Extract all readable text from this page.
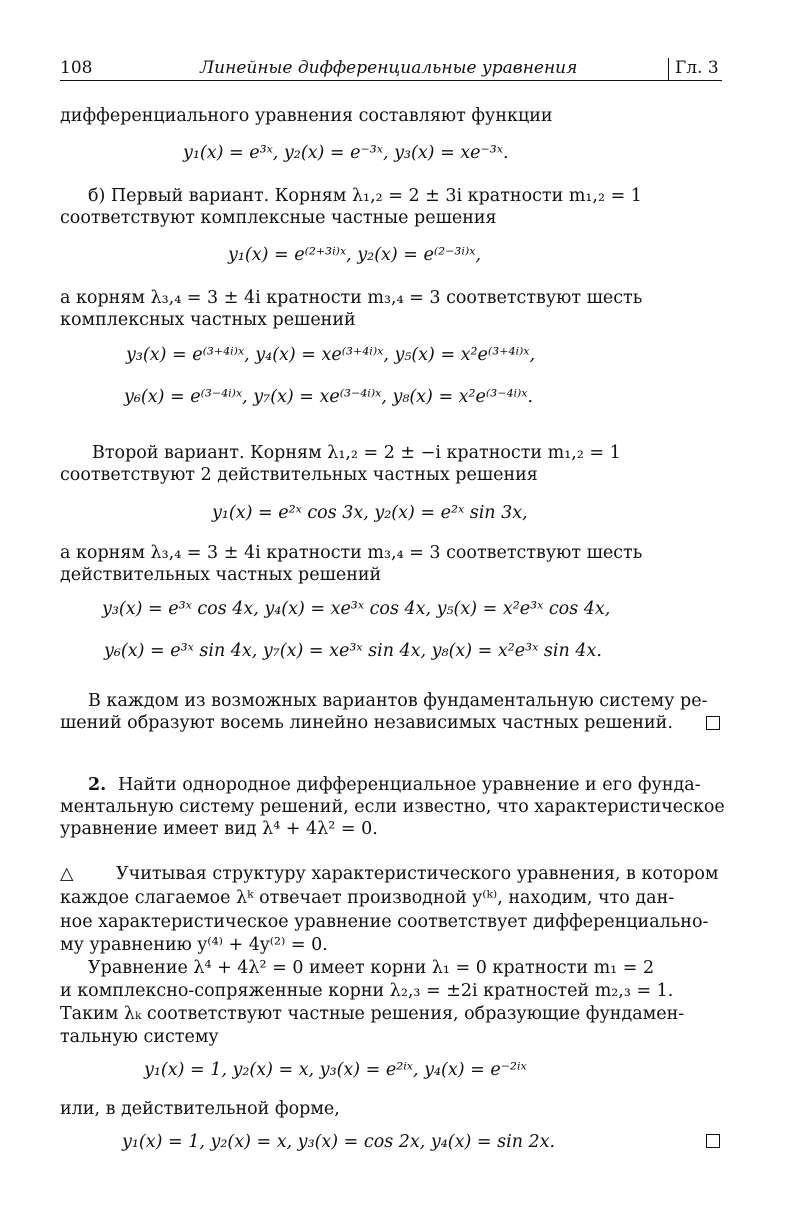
108	Линейные дифференциальные уравнения	Гл. 3
дифференциального уравнения составляют функции
y₁(x) = e³ˣ, y₂(x) = e⁻³ˣ, y₃(x) = xe⁻³ˣ.
б) Первый вариант. Корням λ₁,₂ = 2 ± 3i кратности m₁,₂ = 1
соответствуют комплексные частные решения
y₁(x) = e⁽²⁺³ⁱ⁾ˣ, y₂(x) = e⁽²⁻³ⁱ⁾ˣ,
а корням λ₃,₄ = 3 ± 4i кратности m₃,₄ = 3 соответствуют шесть
комплексных частных решений
y₃(x) = e⁽³⁺⁴ⁱ⁾ˣ, y₄(x) = xe⁽³⁺⁴ⁱ⁾ˣ, y₅(x) = x²e⁽³⁺⁴ⁱ⁾ˣ,
y₆(x) = e⁽³⁻⁴ⁱ⁾ˣ, y₇(x) = xe⁽³⁻⁴ⁱ⁾ˣ, y₈(x) = x²e⁽³⁻⁴ⁱ⁾ˣ.
Второй вариант. Корням λ₁,₂ = 2 ± −i кратности m₁,₂ = 1
соответствуют 2 действительных частных решения
y₁(x) = e²ˣ cos 3x, y₂(x) = e²ˣ sin 3x,
а корням λ₃,₄ = 3 ± 4i кратности m₃,₄ = 3 соответствуют шесть
действительных частных решений
y₃(x) = e³ˣ cos 4x, y₄(x) = xe³ˣ cos 4x, y₅(x) = x²e³ˣ cos 4x,
y₆(x) = e³ˣ sin 4x, y₇(x) = xe³ˣ sin 4x, y₈(x) = x²e³ˣ sin 4x.
В каждом из возможных вариантов фундаментальную систему ре-
шений образуют восемь линейно независимых частных решений.
2. Найти однородное дифференциальное уравнение и его фунда-
ментальную систему решений, если известно, что характеристическое
уравнение имеет вид λ⁴ + 4λ² = 0.
△ Учитывая структуру характеристического уравнения, в котором
каждое слагаемое λᵏ отвечает производной y⁽ᵏ⁾, находим, что дан-
ное характеристическое уравнение соответствует дифференциально-
му уравнению y⁽⁴⁾ + 4y⁽²⁾ = 0.
Уравнение λ⁴ + 4λ² = 0 имеет корни λ₁ = 0 кратности m₁ = 2
и комплексно-сопряженные корни λ₂,₃ = ±2i кратностей m₂,₃ = 1.
Таким λₖ соответствуют частные решения, образующие фундамен-
тальную систему
y₁(x) = 1, y₂(x) = x, y₃(x) = e²ⁱˣ, y₄(x) = e⁻²ⁱˣ
или, в действительной форме,
y₁(x) = 1, y₂(x) = x, y₃(x) = cos 2x, y₄(x) = sin 2x.
